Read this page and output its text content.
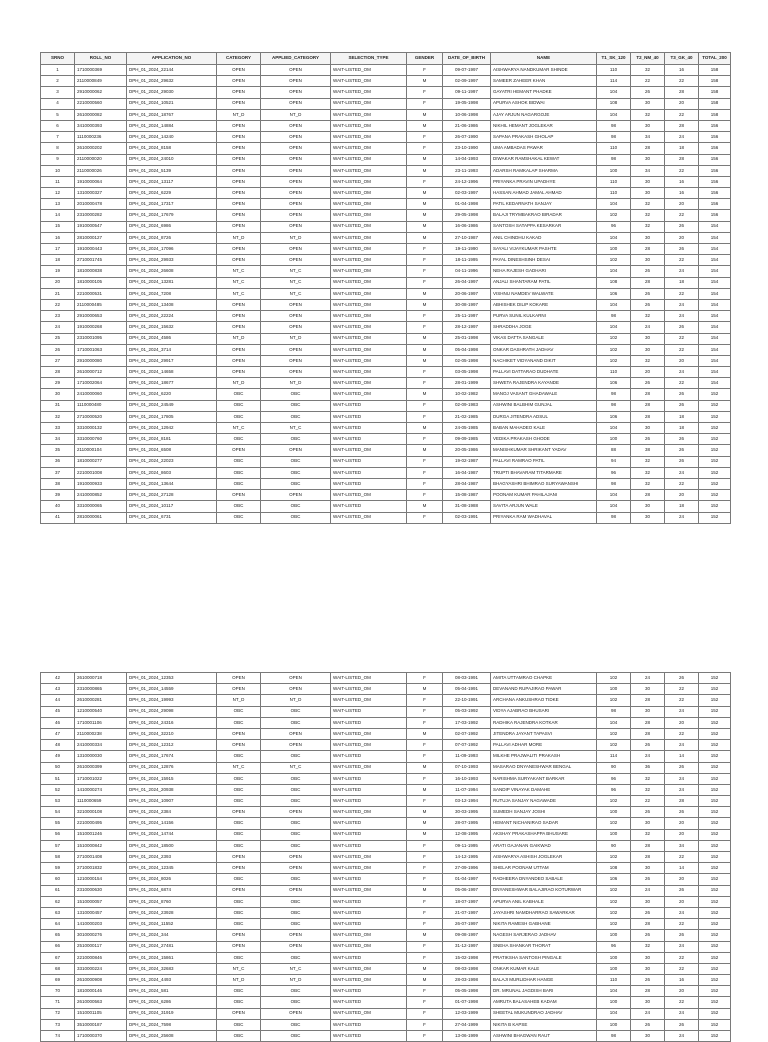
SRNO	ROLL_NO	APPLICATION_NO	CATEGORY	APPLIED_CATEGORY	SELECTION_TYPE	GENDER	DATE_OF_BIRTH	NAME	T1_SK_120	T2_NM_40	T3_GK_40	TOTAL_200
1	1710000369	DPH_01_2024_22144	OPEN	OPEN	WAIT-LISTED_OM	F	09-07-1997	AISHWARYA NANDKUMAR SHINDE	110	32	16	158
2	2110000849	DPH_01_2024_29632	OPEN	OPEN	WAIT-LISTED_OM	M	02-09-1997	SAMEER ZAHEER KHAN	114	22	22	158
3	2910000062	DPH_01_2024_29030	OPEN	OPEN	WAIT-LISTED_OM	F	09-11-1997	GAYATRI HEMANT PHADKE	104	26	28	158
4	2210000560	DPH_01_2024_10521	OPEN	OPEN	WAIT-LISTED_OM	F	19-05-1998	APURVA ASHOK BIDWAI	108	30	20	158
5	2610000082	DPH_01_2024_18767	NT_D	NT_D	WAIT-LISTED_OM	M	10-06-1998	AJAY ARJUN NAGARGOJE	104	32	22	158
6	3410000393	DPH_01_2024_14884	OPEN	OPEN	WAIT-LISTED_OM	M	21-06-1986	NIKHIL HEMANT JOGLEKAR	98	30	28	156
7	1110000236	DPH_01_2024_14240	OPEN	OPEN	WAIT-LISTED_OM	F	26-07-1990	SAPANA PRAKASH GHOLAP	98	34	24	156
8	2610000202	DPH_01_2024_8158	OPEN	OPEN	WAIT-LISTED_OM	F	23-10-1990	UMA AMBADAS PAWAR	110	28	18	156
9	2110000020	DPH_01_2024_24010	OPEN	OPEN	WAIT-LISTED_OM	M	14-04-1993	DIWAKAR RAMSHAKAL KEWAT	98	30	28	156
10	2110000026	DPH_01_2024_5139	OPEN	OPEN	WAIT-LISTED_OM	M	23-11-1993	ADARSH RAMKALAP SHARMA	100	34	22	156
11	1910000064	DPH_01_2024_13117	OPEN	OPEN	WAIT-LISTED_OM	F	24-12-1996	PRIYANKA PRAVIN UPADHYE	110	30	16	156
12	1310000327	DPH_01_2024_6229	OPEN	OPEN	WAIT-LISTED_OM	M	02-03-1997	HASSAN AHMAD JAMAL AHMAD	110	30	16	156
13	2010000478	DPH_01_2024_17317	OPEN	OPEN	WAIT-LISTED_OM	M	01-04-1998	PATIL KEDARNATH SANJAY	104	32	20	156
14	2310000282	DPH_01_2024_17679	OPEN	OPEN	WAIT-LISTED_OM	M	29-05-1998	BALAJI TRYMBAKRAO BIRADAR	102	32	22	156
15	1910000547	DPH_01_2024_6986	OPEN	OPEN	WAIT-LISTED_OM	M	16-06-1986	SANTOSH SATAPPA KESARKAR	96	32	26	154
16	2810000127	DPH_01_2024_8726	NT_D	NT_D	WAIT-LISTED_OM	M	27-10-1987	ANIL CHINDHU KAKAD	104	30	20	154
17	1910000443	DPH_01_2024_17096	OPEN	OPEN	WAIT-LISTED_OM	F	19-11-1990	SAYALI VIJAYKUMAR PASHTE	100	28	26	154
18	2710001745	DPH_01_2024_29933	OPEN	OPEN	WAIT-LISTED_OM	F	18-11-1995	PAYAL DINESHSINH DESAI	102	30	22	154
19	1810000838	DPH_01_2024_26608	NT_C	NT_C	WAIT-LISTED_OM	F	04-11-1996	NEHA RAJESH GADHARI	104	26	24	154
20	1810000105	DPH_01_2024_13281	NT_C	NT_C	WAIT-LISTED_OM	F	26-04-1997	ANJALI SHANTARAM PATIL	108	28	18	154
21	2210000531	DPH_01_2024_7208	NT_C	NT_C	WAIT-LISTED_OM	M	20-06-1997	VISHNU NAMDEV WALWATE	106	26	22	154
22	2110000485	DPH_01_2024_13408	OPEN	OPEN	WAIT-LISTED_OM	M	30-08-1997	ABHISHEK DILIP KOKARE	104	26	24	154
23	2910000653	DPH_01_2024_22224	OPEN	OPEN	WAIT-LISTED_OM	F	25-11-1997	PURVA SUNIL KULKARNI	98	32	24	154
24	1910000268	DPH_01_2024_15632	OPEN	OPEN	WAIT-LISTED_OM	F	28-12-1997	SHRADDHA JOGE	104	24	26	154
25	2310001095	DPH_01_2024_4586	NT_D	NT_D	WAIT-LISTED_OM	M	25-01-1998	VIKAS DATTA SANGALE	102	30	22	154
26	1710001063	DPH_01_2024_3714	OPEN	OPEN	WAIT-LISTED_OM	M	05-04-1998	ONKAR DASHRATH JADHAV	102	30	22	154
27	2910000080	DPH_01_2024_29917	OPEN	OPEN	WAIT-LISTED_OM	M	02-05-1998	NACHIKET VIDYANAND DIKIT	102	32	20	154
28	2610000712	DPH_01_2024_14658	OPEN	OPEN	WAIT-LISTED_OM	F	03-05-1998	PALLAVI DATTARAO DUDHATE	110	20	24	154
29	1710002064	DPH_01_2024_18677	NT_D	NT_D	WAIT-LISTED_OM	F	28-01-1999	SHWETA RAJENDRA KAYANDE	106	26	22	154
30	2410000060	DPH_01_2024_6220	OBC	OBC	WAIT-LISTED_OM	M	10-02-1982	MANOJ VASANT GHADAWALE	98	28	26	152
31	1110000480	DPH_01_2024_24549	OBC	OBC	WAIT-LISTED	F	02-09-1983	ASHWINI BALBHIM GUNJAL	98	28	26	152
32	2710000520	DPH_01_2024_17805	OBC	OBC	WAIT-LISTED	F	21-02-1985	DURGA JITENDRA ADSUL	106	28	18	152
33	3310000132	DPH_01_2024_12942	NT_C	NT_C	WAIT-LISTED	M	24-05-1985	BABAN MAHADEO KALE	104	30	18	152
34	3310000760	DPH_01_2024_8181	OBC	OBC	WAIT-LISTED	F	09-09-1985	VEDIKA PRAKASH GHODE	100	26	26	152
35	2110000104	DPH_01_2024_6508	OPEN	OPEN	WAIT-LISTED_OM	M	20-05-1986	MANISHKUMAR SHRIKANT YADAV	88	38	26	152
36	1810000277	DPH_01_2024_22023	OBC	OBC	WAIT-LISTED	F	19-02-1987	PALLAVI RAMRAO PATIL	94	32	26	152
37	2210001008	DPH_01_2024_8603	OBC	OBC	WAIT-LISTED	F	16-04-1987	TRUPTI BHAVARAM TITARMARE	96	32	24	152
38	1910000933	DPH_01_2024_13644	OBC	OBC	WAIT-LISTED	F	28-04-1987	BHAGYASHRI BHIMRAO SURYAWANSHI	98	32	22	152
39	2410000852	DPH_01_2024_27128	OPEN	OPEN	WAIT-LISTED_OM	F	15-08-1987	POONAM KUMAR PAHILAJANI	104	28	20	152
40	3310000065	DPH_01_2024_10117	OBC	OBC	WAIT-LISTED	M	31-08-1988	SAVITA ARJUN WALE	104	30	18	152
41	2810000061	DPH_01_2024_6731	OBC	OBC	WAIT-LISTED_OM	F	02-03-1991	PRIYANKA RAM WADHAVAL	98	30	24	152
42	2610000718	DPH_01_2024_12353	OPEN	OPEN	WAIT-LISTED_OM	F	08-03-1991	AMITA UTTAMRAO CHAPKE	102	24	26	152
43	2310000865	DPH_01_2024_14559	OPEN	OPEN	WAIT-LISTED_OM	M	05-04-1991	DEVANAND RUPAJIRAO PAWAR	100	30	22	152
44	2610000281	DPH_01_2024_19993	NT_D	NT_D	WAIT-LISTED_OM	F	22-10-1991	ARCHANA ANKUSHRAO TIDKE	102	28	22	152
45	1210000540	DPH_01_2024_29098	OBC	OBC	WAIT-LISTED	F	05-03-1992	VIDYA AJABRAO BHUSARI	98	30	24	152
46	1710001106	DPH_01_2024_24316	OBC	OBC	WAIT-LISTED	F	17-03-1992	RADHIKA RAJENDRA KOTKAR	104	28	20	152
47	2110000238	DPH_01_2024_32210	OPEN	OPEN	WAIT-LISTED_OM	M	02-07-1992	JITENDRA JAYANT TAPASVI	102	28	22	152
48	2410000334	DPH_01_2024_12312	OPEN	OPEN	WAIT-LISTED_OM	F	07-07-1992	PALLAVI ADHAR MORE	102	26	24	152
49	1310000030	DPH_01_2024_17674	OBC	OBC	WAIT-LISTED	F	11-09-1993	MILKHE PRAJWALITI PRAKASH	114	24	14	152
50	2610000399	DPH_01_2024_12876	NT_C	NT_C	WAIT-LISTED_OM	M	07-10-1993	MASARAO DNYANESHWAR BENGAL	90	36	26	152
51	1710001022	DPH_01_2024_15915	OBC	OBC	WAIT-LISTED	F	16-10-1993	NARISHMA SURYAKANT BARKAR	96	32	24	152
52	1410000274	DPH_01_2024_20938	OBC	OBC	WAIT-LISTED	M	11-07-1994	SANDIP VINAYAK DAMAHE	96	32	24	152
53	1110000659	DPH_01_2024_10907	OBC	OBC	WAIT-LISTED	F	03-12-1994	RUTUJA SANJAY NAGAWADE	102	22	28	152
54	3210000108	DPH_01_2024_2384	OPEN	OPEN	WAIT-LISTED_OM	M	30-03-1995	SUMEDH SANJAY JOSHI	100	26	26	152
55	2210000495	DPH_01_2024_14156	OBC	OBC	WAIT-LISTED	M	28-07-1995	HEMANT NICHANIRAO SADAR	102	30	20	152
56	1510001246	DPH_01_2024_14744	OBC	OBC	WAIT-LISTED	M	12-08-1995	AKSHAY PRAKASHAPPA BHUSARE	100	32	20	152
57	1510000842	DPH_01_2024_18500	OBC	OBC	WAIT-LISTED	F	09-11-1995	ARATI GAJANAN GAIKWAD	90	28	34	152
58	2710001408	DPH_01_2024_2393	OPEN	OPEN	WAIT-LISTED_OM	F	14-12-1995	AISHWARYA ASHISH JOGLEKAR	102	28	22	152
59	2710001832	DPH_01_2024_12345	OPEN	OPEN	WAIT-LISTED_OM	F	27-09-1996	SHELAR POONAM UTTAM	108	30	14	152
60	1210000154	DPH_01_2024_8026	OBC	OBC	WAIT-LISTED	F	01-04-1997	RADHEERA DNYANDEO SABALE	106	26	20	152
61	2310000630	DPH_01_2024_6874	OPEN	OPEN	WAIT-LISTED_OM	M	05-06-1997	DNYANESHWAR BALAJIRAO KOTURWAR	102	24	26	152
62	1510000057	DPH_01_2024_8760	OBC	OBC	WAIT-LISTED	F	18-07-1997	APURVA ANIL KABHALE	102	30	20	152
63	1310000457	DPH_01_2024_23928	OBC	OBC	WAIT-LISTED	F	21-07-1997	JAYASHRI NAMDHARRAO SAWARKAR	102	26	24	152
64	1410000203	DPH_01_2024_11552	OBC	OBC	WAIT-LISTED	F	26-07-1997	NIKITA RAMESH GABHANE	102	28	22	152
65	3010000276	DPH_01_2024_344	OPEN	OPEN	WAIT-LISTED_OM	M	09-08-1997	NAGESH SARJERAO JADHAV	100	26	26	152
66	2510000117	DPH_01_2024_27481	OPEN	OPEN	WAIT-LISTED_OM	F	31-12-1997	SNEHA SHANKAR THORAT	96	32	24	152
67	2210000846	DPH_01_2024_15861	OBC	OBC	WAIT-LISTED	F	15-02-1998	PRATIKSHA SANTOSH PINGALE	100	30	22	152
68	3310000224	DPH_01_2024_32683	NT_C	NT_C	WAIT-LISTED_OM	M	08-03-1998	ONKAR KUMAR KALE	100	30	22	152
69	2610000908	DPH_01_2024_4493	NT_D	NT_D	WAIT-LISTED_OM	M	28-03-1998	BALAJI MURLIDHAR HANGE	110	26	16	152
70	1810000146	DPH_01_2024_581	OBC	OBC	WAIT-LISTED	F	05-05-1998	DR. MRUNAL JAGDISH BARI	104	28	20	152
71	2610000563	DPH_01_2024_6286	OBC	OBC	WAIT-LISTED	F	01-07-1998	AMRUTA BALASAHEB KADAM	100	30	22	152
72	1510001105	DPH_01_2024_31919	OPEN	OPEN	WAIT-LISTED_OM	F	12-03-1999	SHEETAL MUKUNDRAO JADHAV	104	24	24	152
73	3510000187	DPH_01_2024_7598	OBC	OBC	WAIT-LISTED	F	27-04-1999	NIKITA B KAPSE	100	26	26	152
74	1710000370	DPH_01_2024_25608	OBC	OBC	WAIT-LISTED	F	13-06-1999	ASHWINI BHAGWAN RAUT	98	30	24	152
